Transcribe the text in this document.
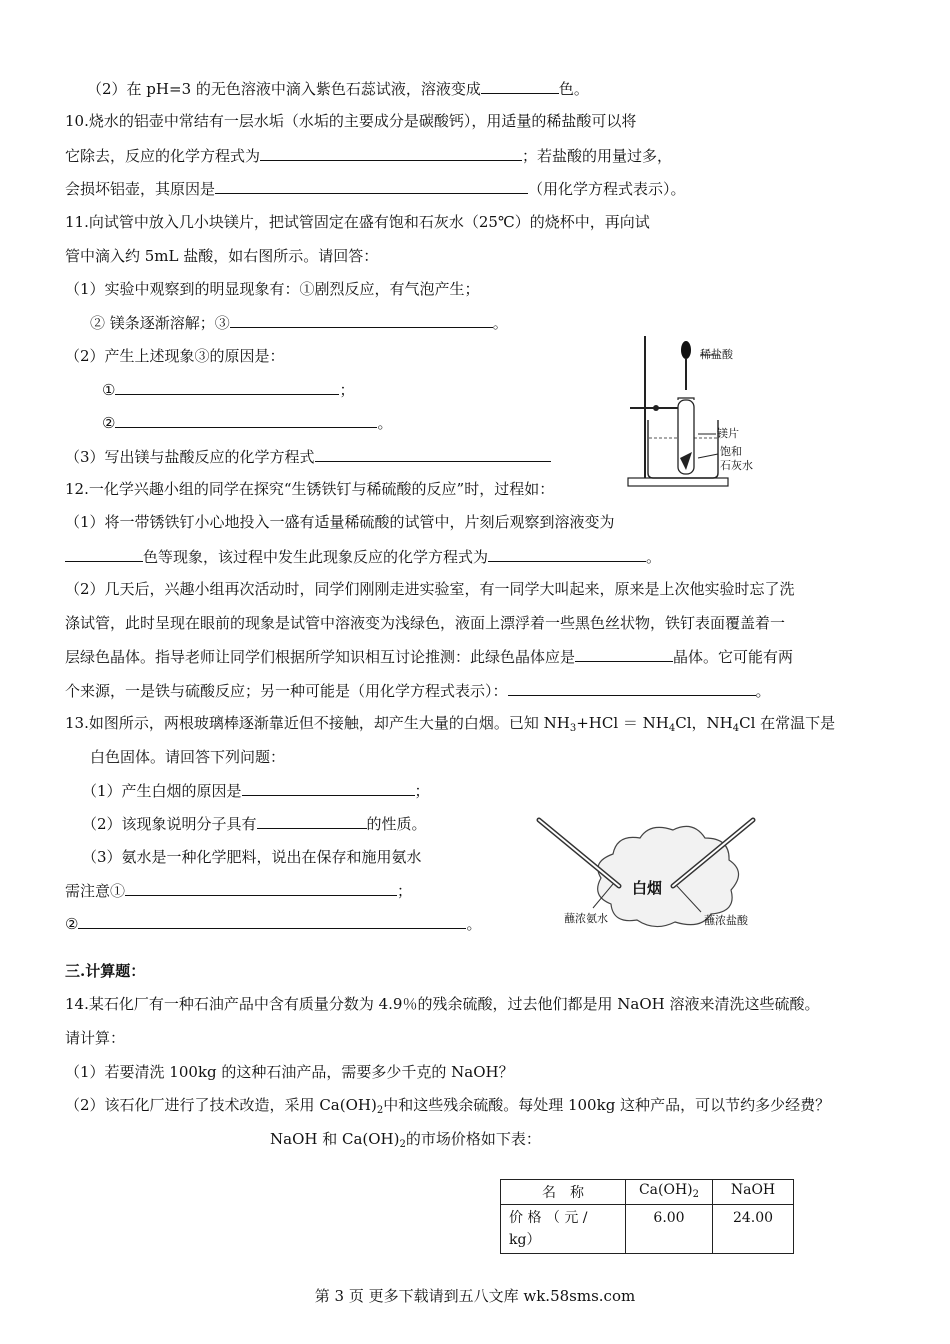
（2）在 pH=3 的无色溶液中滴入紫色石蕊试液，溶液变成	色。
10.烧水的铝壶中常结有一层水垢（水垢的主要成分是碳酸钙），用适量的稀盐酸可以将
它除去，反应的化学方程式为	；若盐酸的用量过多，
会损坏铝壶，其原因是	（用化学方程式表示）。
11.向试管中放入几小块镁片，把试管固定在盛有饱和石灰水（25℃）的烧杯中，再向试
管中滴入约 5mL 盐酸，如右图所示。请回答：
（1）实验中观察到的明显现象有：①剧烈反应，有气泡产生；
② 镁条逐渐溶解；③	。
（2）产生上述现象③的原因是：
①	；
②	。
（3）写出镁与盐酸反应的化学方程式
稀盐酸
镁片
饱和
石灰水
12.一化学兴趣小组的同学在探究“生锈铁钉与稀硫酸的反应”时，过程如：
（1）将一带锈铁钉小心地投入一盛有适量稀硫酸的试管中，片刻后观察到溶液变为
色等现象，该过程中发生此现象反应的化学方程式为	。
（2）几天后，兴趣小组再次活动时，同学们刚刚走进实验室，有一同学大叫起来，原来是上次他实验时忘了洗
涤试管，此时呈现在眼前的现象是试管中溶液变为浅绿色，液面上漂浮着一些黑色丝状物，铁钉表面覆盖着一
层绿色晶体。指导老师让同学们根据所学知识相互讨论推测：此绿色晶体应是	晶体。它可能有两
个来源，一是铁与硫酸反应；另一种可能是（用化学方程式表示）：	。
13.如图所示，两根玻璃棒逐渐靠近但不接触，却产生大量的白烟。已知 $NH_3+HCl = NH_4Cl$，$NH_4Cl$ 在常温下是
白色固体。请回答下列问题：
（1）产生白烟的原因是	；
（2）该现象说明分子具有	的性质。
（3）氨水是一种化学肥料，说出在保存和施用氨水
需注意①	；
②	。
白烟
蘸浓氨水	蘸浓盐酸
三.计算题：
14.某石化厂有一种石油产品中含有质量分数为 4.9％的残余硫酸，过去他们都是用 NaOH 溶液来清洗这些硫酸。
请计算：
（1）若要清洗 100kg 的这种石油产品，需要多少千克的 NaOH？
（2）该石化厂进行了技术改造，采用 $Ca(OH)_2$中和这些残余硫酸。每处理 100kg 这种产品，可以节约多少经费？
NaOH 和 $Ca(OH)_2$的市场价格如下表：
名　称	$Ca(OH)_2$	NaOH
价 格 （ 元 /
kg）	6.00	24.00
第 3 页 更多下载请到五八文库 wk.58sms.com
